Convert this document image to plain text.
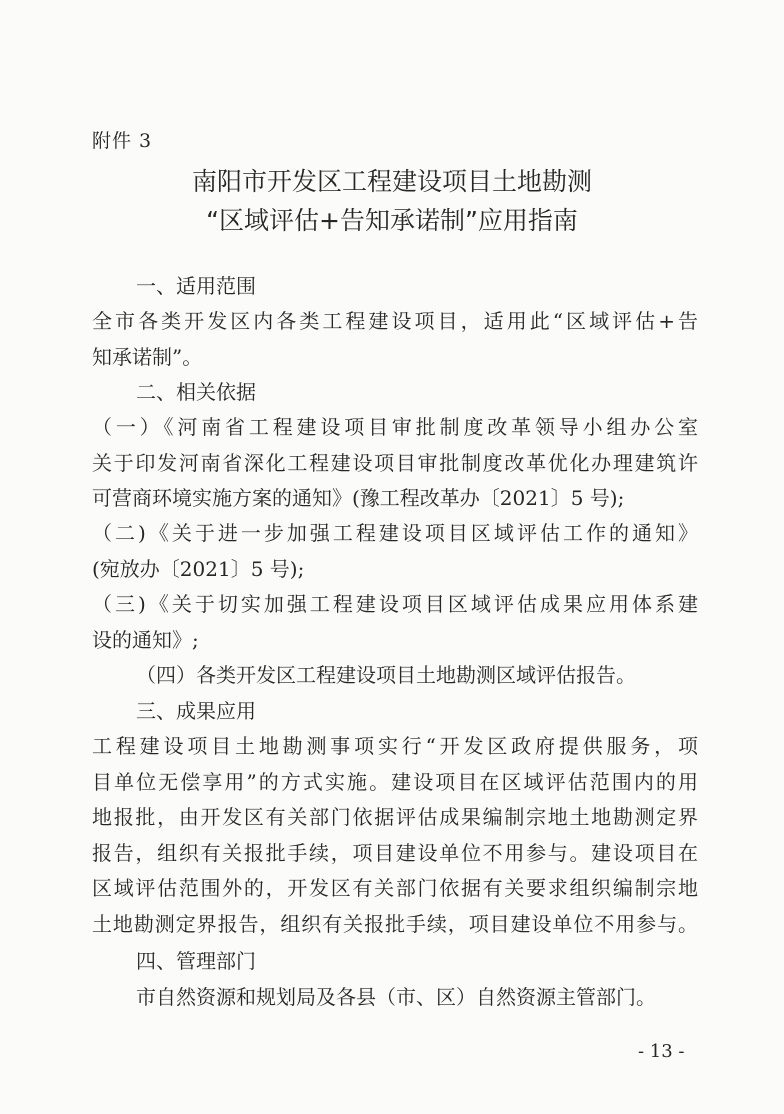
附件 3
南阳市开发区工程建设项目土地勘测
“区域评估+告知承诺制”应用指南
一、适用范围
全市各类开发区内各类工程建设项目，适用此“区域评估+告
知承诺制”。
二、相关依据
（一）《河南省工程建设项目审批制度改革领导小组办公室
关于印发河南省深化工程建设项目审批制度改革优化办理建筑许
可营商环境实施方案的通知》(豫工程改革办〔2021〕5 号);
（二)《关于进一步加强工程建设项目区域评估工作的通知》
(宛放办〔2021〕5 号);
（三)《关于切实加强工程建设项目区域评估成果应用体系建
设的通知》;
（四）各类开发区工程建设项目土地勘测区域评估报告。
三、成果应用
工程建设项目土地勘测事项实行“开发区政府提供服务，项
目单位无偿享用”的方式实施。建设项目在区域评估范围内的用
地报批，由开发区有关部门依据评估成果编制宗地土地勘测定界
报告，组织有关报批手续，项目建设单位不用参与。建设项目在
区域评估范围外的，开发区有关部门依据有关要求组织编制宗地
土地勘测定界报告，组织有关报批手续，项目建设单位不用参与。
四、管理部门
市自然资源和规划局及各县（市、区）自然资源主管部门。
- 13 -
